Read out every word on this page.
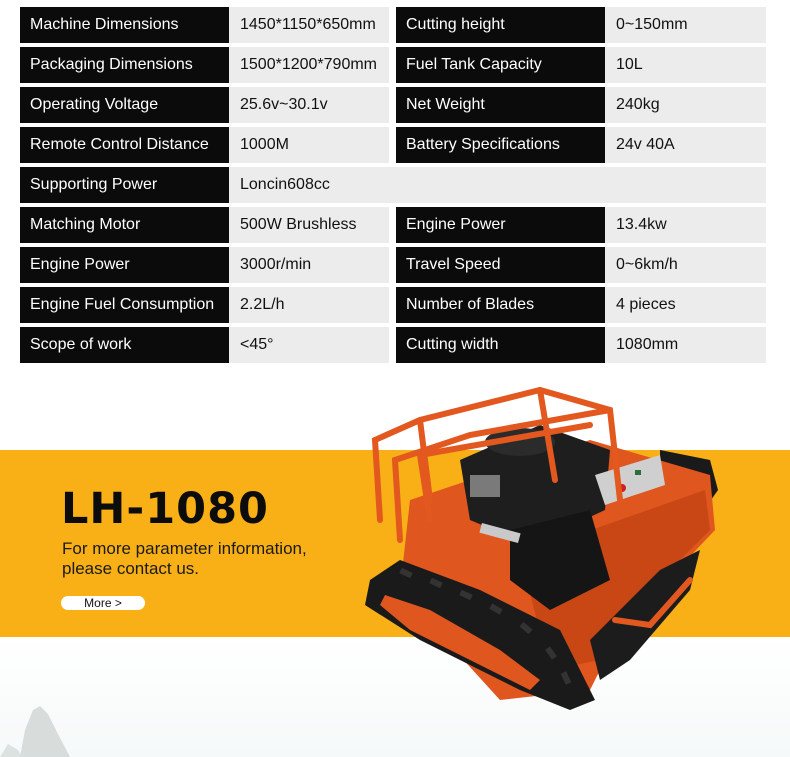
Machine Dimensions	1450*1150*650mm	Cutting height	0~150mm
Packaging Dimensions	1500*1200*790mm	Fuel Tank Capacity	10L
Operating Voltage	25.6v~30.1v	Net Weight	240kg
Remote Control Distance	1000M	Battery Specifications	24v 40A
Supporting Power	Loncin608cc
Matching Motor	500W Brushless	Engine Power	13.4kw
Engine Power	3000r/min	Travel Speed	0~6km/h
Engine Fuel Consumption	2.2L/h	Number of Blades	4 pieces
Scope of work	<45°	Cutting width	1080mm
LH-1080
For more parameter information,
please contact us.
More >
